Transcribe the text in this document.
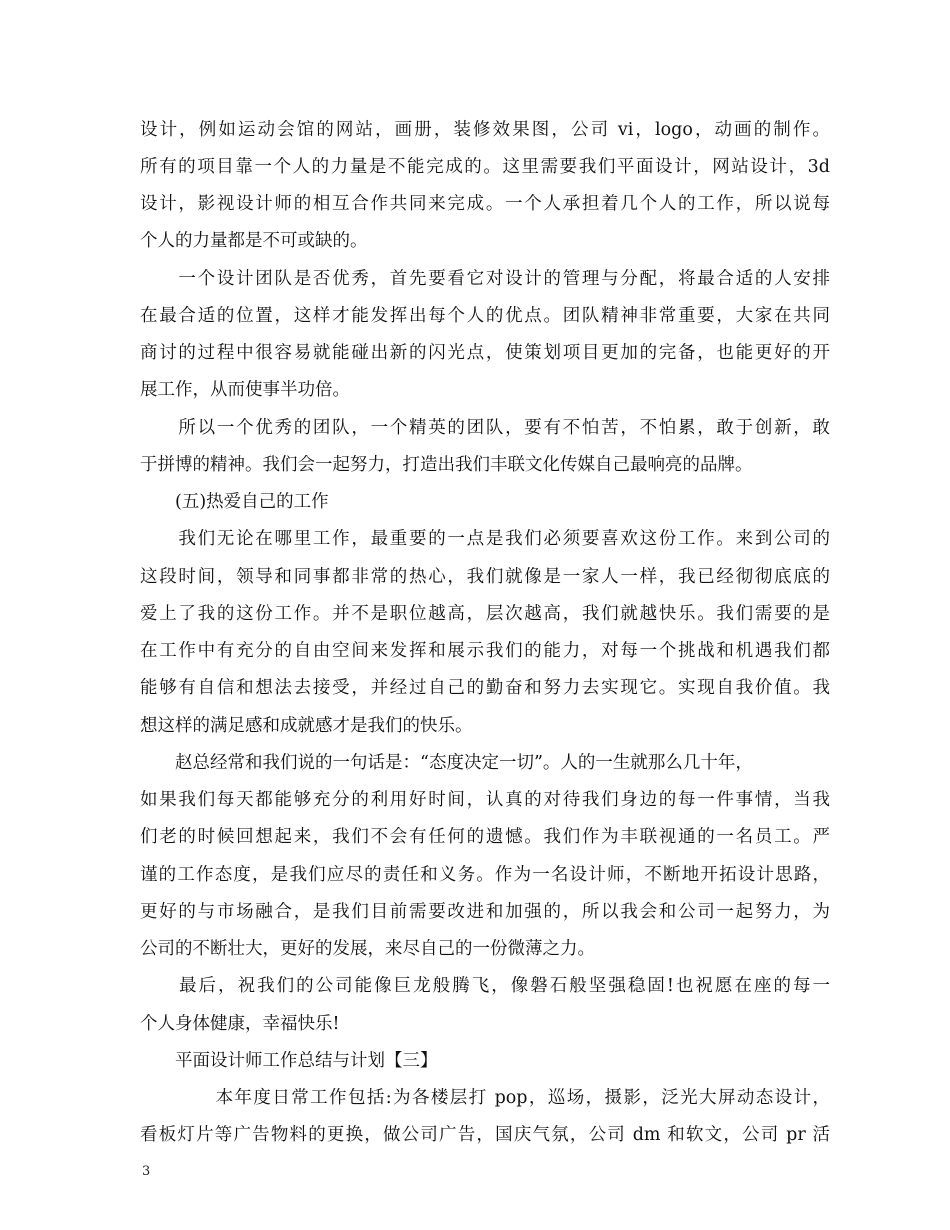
设计，例如运动会馆的网站，画册，装修效果图，公司 vi，logo，动画的制作。
所有的项目靠一个人的力量是不能完成的。这里需要我们平面设计，网站设计，3d
设计，影视设计师的相互合作共同来完成。一个人承担着几个人的工作，所以说每
个人的力量都是不可或缺的。
　　一个设计团队是否优秀，首先要看它对设计的管理与分配，将最合适的人安排
在最合适的位置，这样才能发挥出每个人的优点。团队精神非常重要，大家在共同
商讨的过程中很容易就能碰出新的闪光点，使策划项目更加的完备，也能更好的开
展工作，从而使事半功倍。
　　所以一个优秀的团队，一个精英的团队，要有不怕苦，不怕累，敢于创新，敢
于拼博的精神。我们会一起努力，打造出我们丰联文化传媒自己最响亮的品牌。
　　(五)热爱自己的工作
　　我们无论在哪里工作，最重要的一点是我们必须要喜欢这份工作。来到公司的
这段时间，领导和同事都非常的热心，我们就像是一家人一样，我已经彻彻底底的
爱上了我的这份工作。并不是职位越高，层次越高，我们就越快乐。我们需要的是
在工作中有充分的自由空间来发挥和展示我们的能力，对每一个挑战和机遇我们都
能够有自信和想法去接受，并经过自己的勤奋和努力去实现它。实现自我价值。我
想这样的满足感和成就感才是我们的快乐。
　　赵总经常和我们说的一句话是：“态度决定一切”。人的一生就那么几十年，
如果我们每天都能够充分的利用好时间，认真的对待我们身边的每一件事情，当我
们老的时候回想起来，我们不会有任何的遗憾。我们作为丰联视通的一名员工。严
谨的工作态度，是我们应尽的责任和义务。作为一名设计师，不断地开拓设计思路，
更好的与市场融合，是我们目前需要改进和加强的，所以我会和公司一起努力，为
公司的不断壮大，更好的发展，来尽自己的一份微薄之力。
　　最后，祝我们的公司能像巨龙般腾飞，像磐石般坚强稳固!也祝愿在座的每一
个人身体健康，幸福快乐!
　　平面设计师工作总结与计划【三】
　　　　本年度日常工作包括:为各楼层打 pop，巡场，摄影，泛光大屏动态设计，
看板灯片等广告物料的更换，做公司广告，国庆气氛，公司 dm 和软文，公司 pr 活
3
